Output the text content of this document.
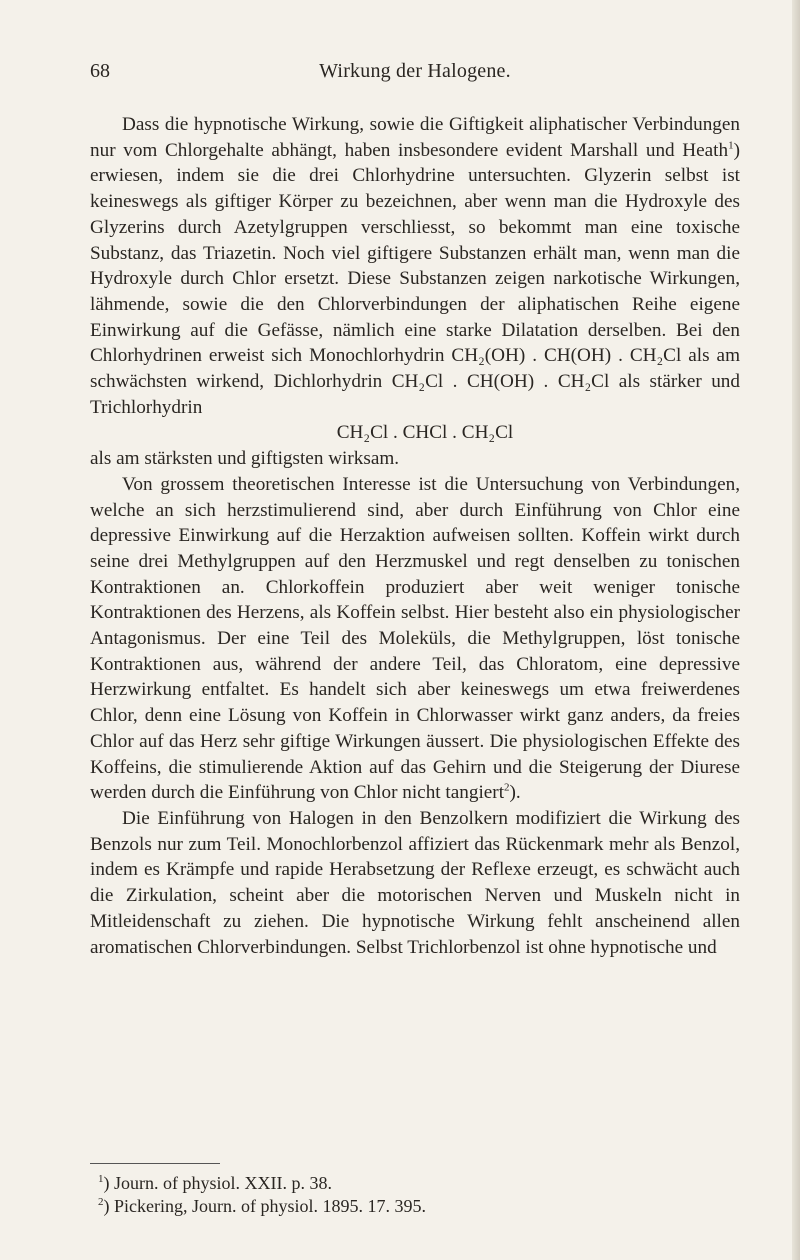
68	Wirkung der Halogene.

Dass die hypnotische Wirkung, sowie die Giftigkeit aliphatischer Verbindungen nur vom Chlorgehalte abhängt, haben insbesondere evident Marshall und Heath$^1$) erwiesen, indem sie die drei Chlorhydrine untersuchten. Glyzerin selbst ist keineswegs als giftiger Körper zu bezeichnen, aber wenn man die Hydroxyle des Glyzerins durch Azetylgruppen verschliesst, so bekommt man eine toxische Substanz, das Triazetin. Noch viel giftigere Substanzen erhält man, wenn man die Hydroxyle durch Chlor ersetzt. Diese Substanzen zeigen narkotische Wirkungen, lähmende, sowie die den Chlorverbindungen der aliphatischen Reihe eigene Einwirkung auf die Gefässe, nämlich eine starke Dilatation derselben. Bei den Chlorhydrinen erweist sich Monochlorhydrin CH₂(OH) . CH(OH) . CH₂Cl als am schwächsten wirkend, Dichlorhydrin CH₂Cl . CH(OH) . CH₂Cl als stärker und Trichlorhydrin
CH₂Cl . CHCl . CH₂Cl

als am stärksten und giftigsten wirksam.

Von grossem theoretischen Interesse ist die Untersuchung von Verbindungen, welche an sich herzstimulierend sind, aber durch Einführung von Chlor eine depressive Einwirkung auf die Herzaktion aufweisen sollten. Koffein wirkt durch seine drei Methylgruppen auf den Herzmuskel und regt denselben zu tonischen Kontraktionen an. Chlorkoffein produziert aber weit weniger tonische Kontraktionen des Herzens, als Koffein selbst. Hier besteht also ein physiologischer Antagonismus. Der eine Teil des Moleküls, die Methylgruppen, löst tonische Kontraktionen aus, während der andere Teil, das Chloratom, eine depressive Herzwirkung entfaltet. Es handelt sich aber keineswegs um etwa freiwerdenes Chlor, denn eine Lösung von Koffein in Chlorwasser wirkt ganz anders, da freies Chlor auf das Herz sehr giftige Wirkungen äussert. Die physiologischen Effekte des Koffeins, die stimulierende Aktion auf das Gehirn und die Steigerung der Diurese werden durch die Einführung von Chlor nicht tangiert$^2$).

Die Einführung von Halogen in den Benzolkern modifiziert die Wirkung des Benzols nur zum Teil. Monochlorbenzol affiziert das Rückenmark mehr als Benzol, indem es Krämpfe und rapide Herabsetzung der Reflexe erzeugt, es schwächt auch die Zirkulation, scheint aber die motorischen Nerven und Muskeln nicht in Mitleidenschaft zu ziehen. Die hypnotische Wirkung fehlt anscheinend allen aromatischen Chlorverbindungen. Selbst Trichlorbenzol ist ohne hypnotische und

$^1$) Journ. of physiol. XXII. p. 38.

$^2$) Pickering, Journ. of physiol. 1895. 17. 395.
